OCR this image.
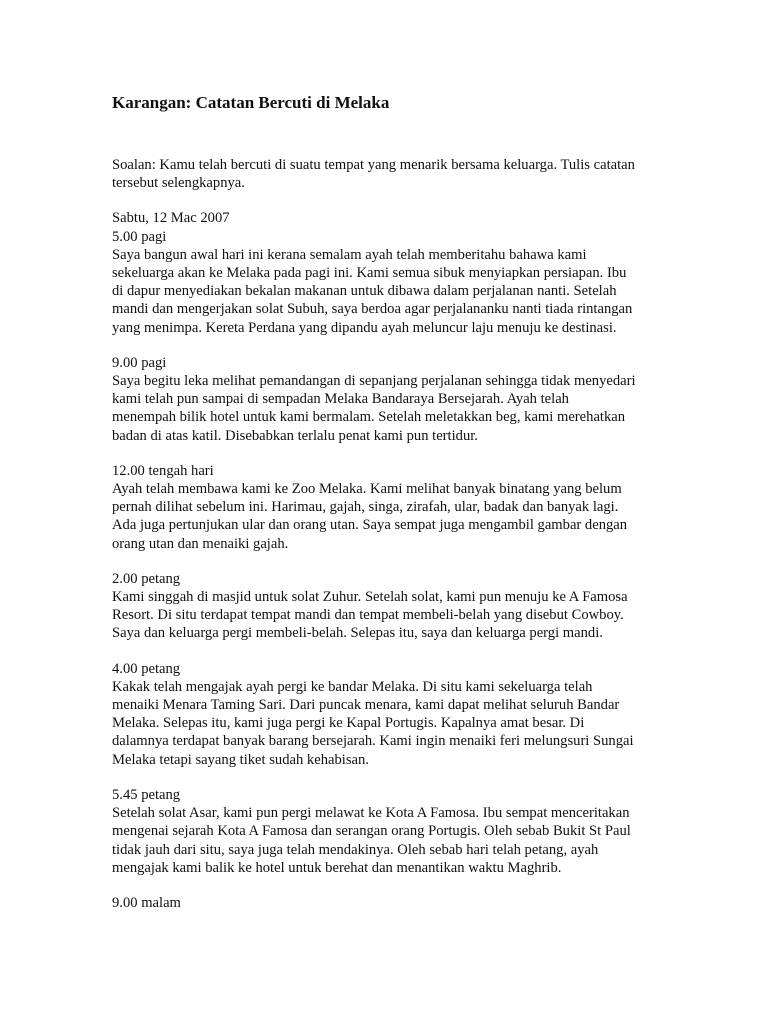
Karangan: Catatan Bercuti di Melaka
Soalan: Kamu telah bercuti di suatu tempat yang menarik bersama keluarga. Tulis catatan
tersebut selengkapnya.
Sabtu, 12 Mac 2007
5.00 pagi
Saya bangun awal hari ini kerana semalam ayah telah memberitahu bahawa kami
sekeluarga akan ke Melaka pada pagi ini. Kami semua sibuk menyiapkan persiapan. Ibu
di dapur menyediakan bekalan makanan untuk dibawa dalam perjalanan nanti. Setelah
mandi dan mengerjakan solat Subuh, saya berdoa agar perjalananku nanti tiada rintangan
yang menimpa. Kereta Perdana yang dipandu ayah meluncur laju menuju ke destinasi.
9.00 pagi
Saya begitu leka melihat pemandangan di sepanjang perjalanan sehingga tidak menyedari
kami telah pun sampai di sempadan Melaka Bandaraya Bersejarah. Ayah telah
menempah bilik hotel untuk kami bermalam. Setelah meletakkan beg, kami merehatkan
badan di atas katil. Disebabkan terlalu penat kami pun tertidur.
12.00 tengah hari
Ayah telah membawa kami ke Zoo Melaka. Kami melihat banyak binatang yang belum
pernah dilihat sebelum ini. Harimau, gajah, singa, zirafah, ular, badak dan banyak lagi.
Ada juga pertunjukan ular dan orang utan. Saya sempat juga mengambil gambar dengan
orang utan dan menaiki gajah.
2.00 petang
Kami singgah di masjid untuk solat Zuhur. Setelah solat, kami pun menuju ke A Famosa
Resort. Di situ terdapat tempat mandi dan tempat membeli-belah yang disebut Cowboy.
Saya dan keluarga pergi membeli-belah. Selepas itu, saya dan keluarga pergi mandi.
4.00 petang
Kakak telah mengajak ayah pergi ke bandar Melaka. Di situ kami sekeluarga telah
menaiki Menara Taming Sari. Dari puncak menara, kami dapat melihat seluruh Bandar
Melaka. Selepas itu, kami juga pergi ke Kapal Portugis. Kapalnya amat besar. Di
dalamnya terdapat banyak barang bersejarah. Kami ingin menaiki feri melungsuri Sungai
Melaka tetapi sayang tiket sudah kehabisan.
5.45 petang
Setelah solat Asar, kami pun pergi melawat ke Kota A Famosa. Ibu sempat menceritakan
mengenai sejarah Kota A Famosa dan serangan orang Portugis. Oleh sebab Bukit St Paul
tidak jauh dari situ, saya juga telah mendakinya. Oleh sebab hari telah petang, ayah
mengajak kami balik ke hotel untuk berehat dan menantikan waktu Maghrib.
9.00 malam
